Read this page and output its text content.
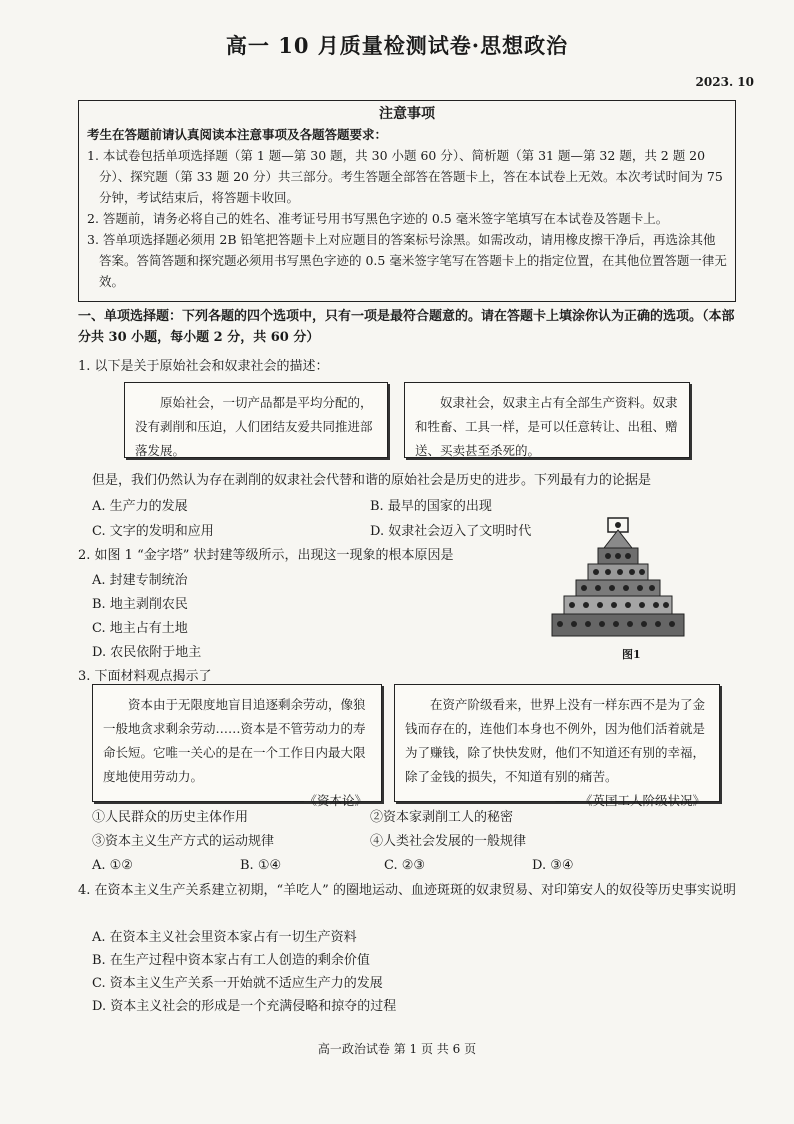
高一 10 月质量检测试卷·思想政治
2023. 10
注意事项
考生在答题前请认真阅读本注意事项及各题答题要求：
1. 本试卷包括单项选择题（第 1 题—第 30 题，共 30 小题 60 分）、简析题（第 31 题—第 32 题，共 2 题 20 分）、探究题（第 33 题 20 分）共三部分。考生答题全部答在答题卡上，答在本试卷上无效。本次考试时间为 75 分钟，考试结束后，将答题卡收回。
2. 答题前，请务必将自己的姓名、准考证号用书写黑色字迹的 0.5 毫米签字笔填写在本试卷及答题卡上。
3. 答单项选择题必须用 2B 铅笔把答题卡上对应题目的答案标号涂黑。如需改动，请用橡皮擦干净后，再选涂其他答案。答简答题和探究题必须用书写黑色字迹的 0.5 毫米签字笔写在答题卡上的指定位置，在其他位置答题一律无效。
一、单项选择题：下列各题的四个选项中，只有一项是最符合题意的。请在答题卡上填涂你认为正确的选项。（本部分共 30 小题，每小题 2 分，共 60 分）
1. 以下是关于原始社会和奴隶社会的描述：
原始社会，一切产品都是平均分配的，没有剥削和压迫，人们团结友爱共同推进部落发展。
奴隶社会，奴隶主占有全部生产资料。奴隶和牲畜、工具一样，是可以任意转让、出租、赠送、买卖甚至杀死的。
但是，我们仍然认为存在剥削的奴隶社会代替和谐的原始社会是历史的进步。下列最有力的论据是
A. 生产力的发展	B. 最早的国家的出现
C. 文字的发明和应用	D. 奴隶社会迈入了文明时代
2. 如图 1 “金字塔” 状封建等级所示，出现这一现象的根本原因是
A. 封建专制统治
B. 地主剥削农民
C. 地主占有土地
D. 农民依附于地主	图1
3. 下面材料观点揭示了
资本由于无限度地盲目追逐剩余劳动，像狼一般地贪求剩余劳动……资本是不管劳动力的寿命长短。它唯一关心的是在一个工作日内最大限度地使用劳动力。
——《资本论》
在资产阶级看来，世界上没有一样东西不是为了金钱而存在的，连他们本身也不例外，因为他们活着就是为了赚钱，除了快快发财，他们不知道还有别的幸福，除了金钱的损失，不知道有别的痛苦。
——《英国工人阶级状况》
①人民群众的历史主体作用	②资本家剥削工人的秘密
③资本主义生产方式的运动规律	④人类社会发展的一般规律
A. ①②	B. ①④	C. ②③	D. ③④
4. 在资本主义生产关系建立初期，“羊吃人” 的圈地运动、血迹斑斑的奴隶贸易、对印第安人的奴役等历史事实说明
A. 在资本主义社会里资本家占有一切生产资料
B. 在生产过程中资本家占有工人创造的剩余价值
C. 资本主义生产关系一开始就不适应生产力的发展
D. 资本主义社会的形成是一个充满侵略和掠夺的过程
高一政治试卷 第 1 页 共 6 页
